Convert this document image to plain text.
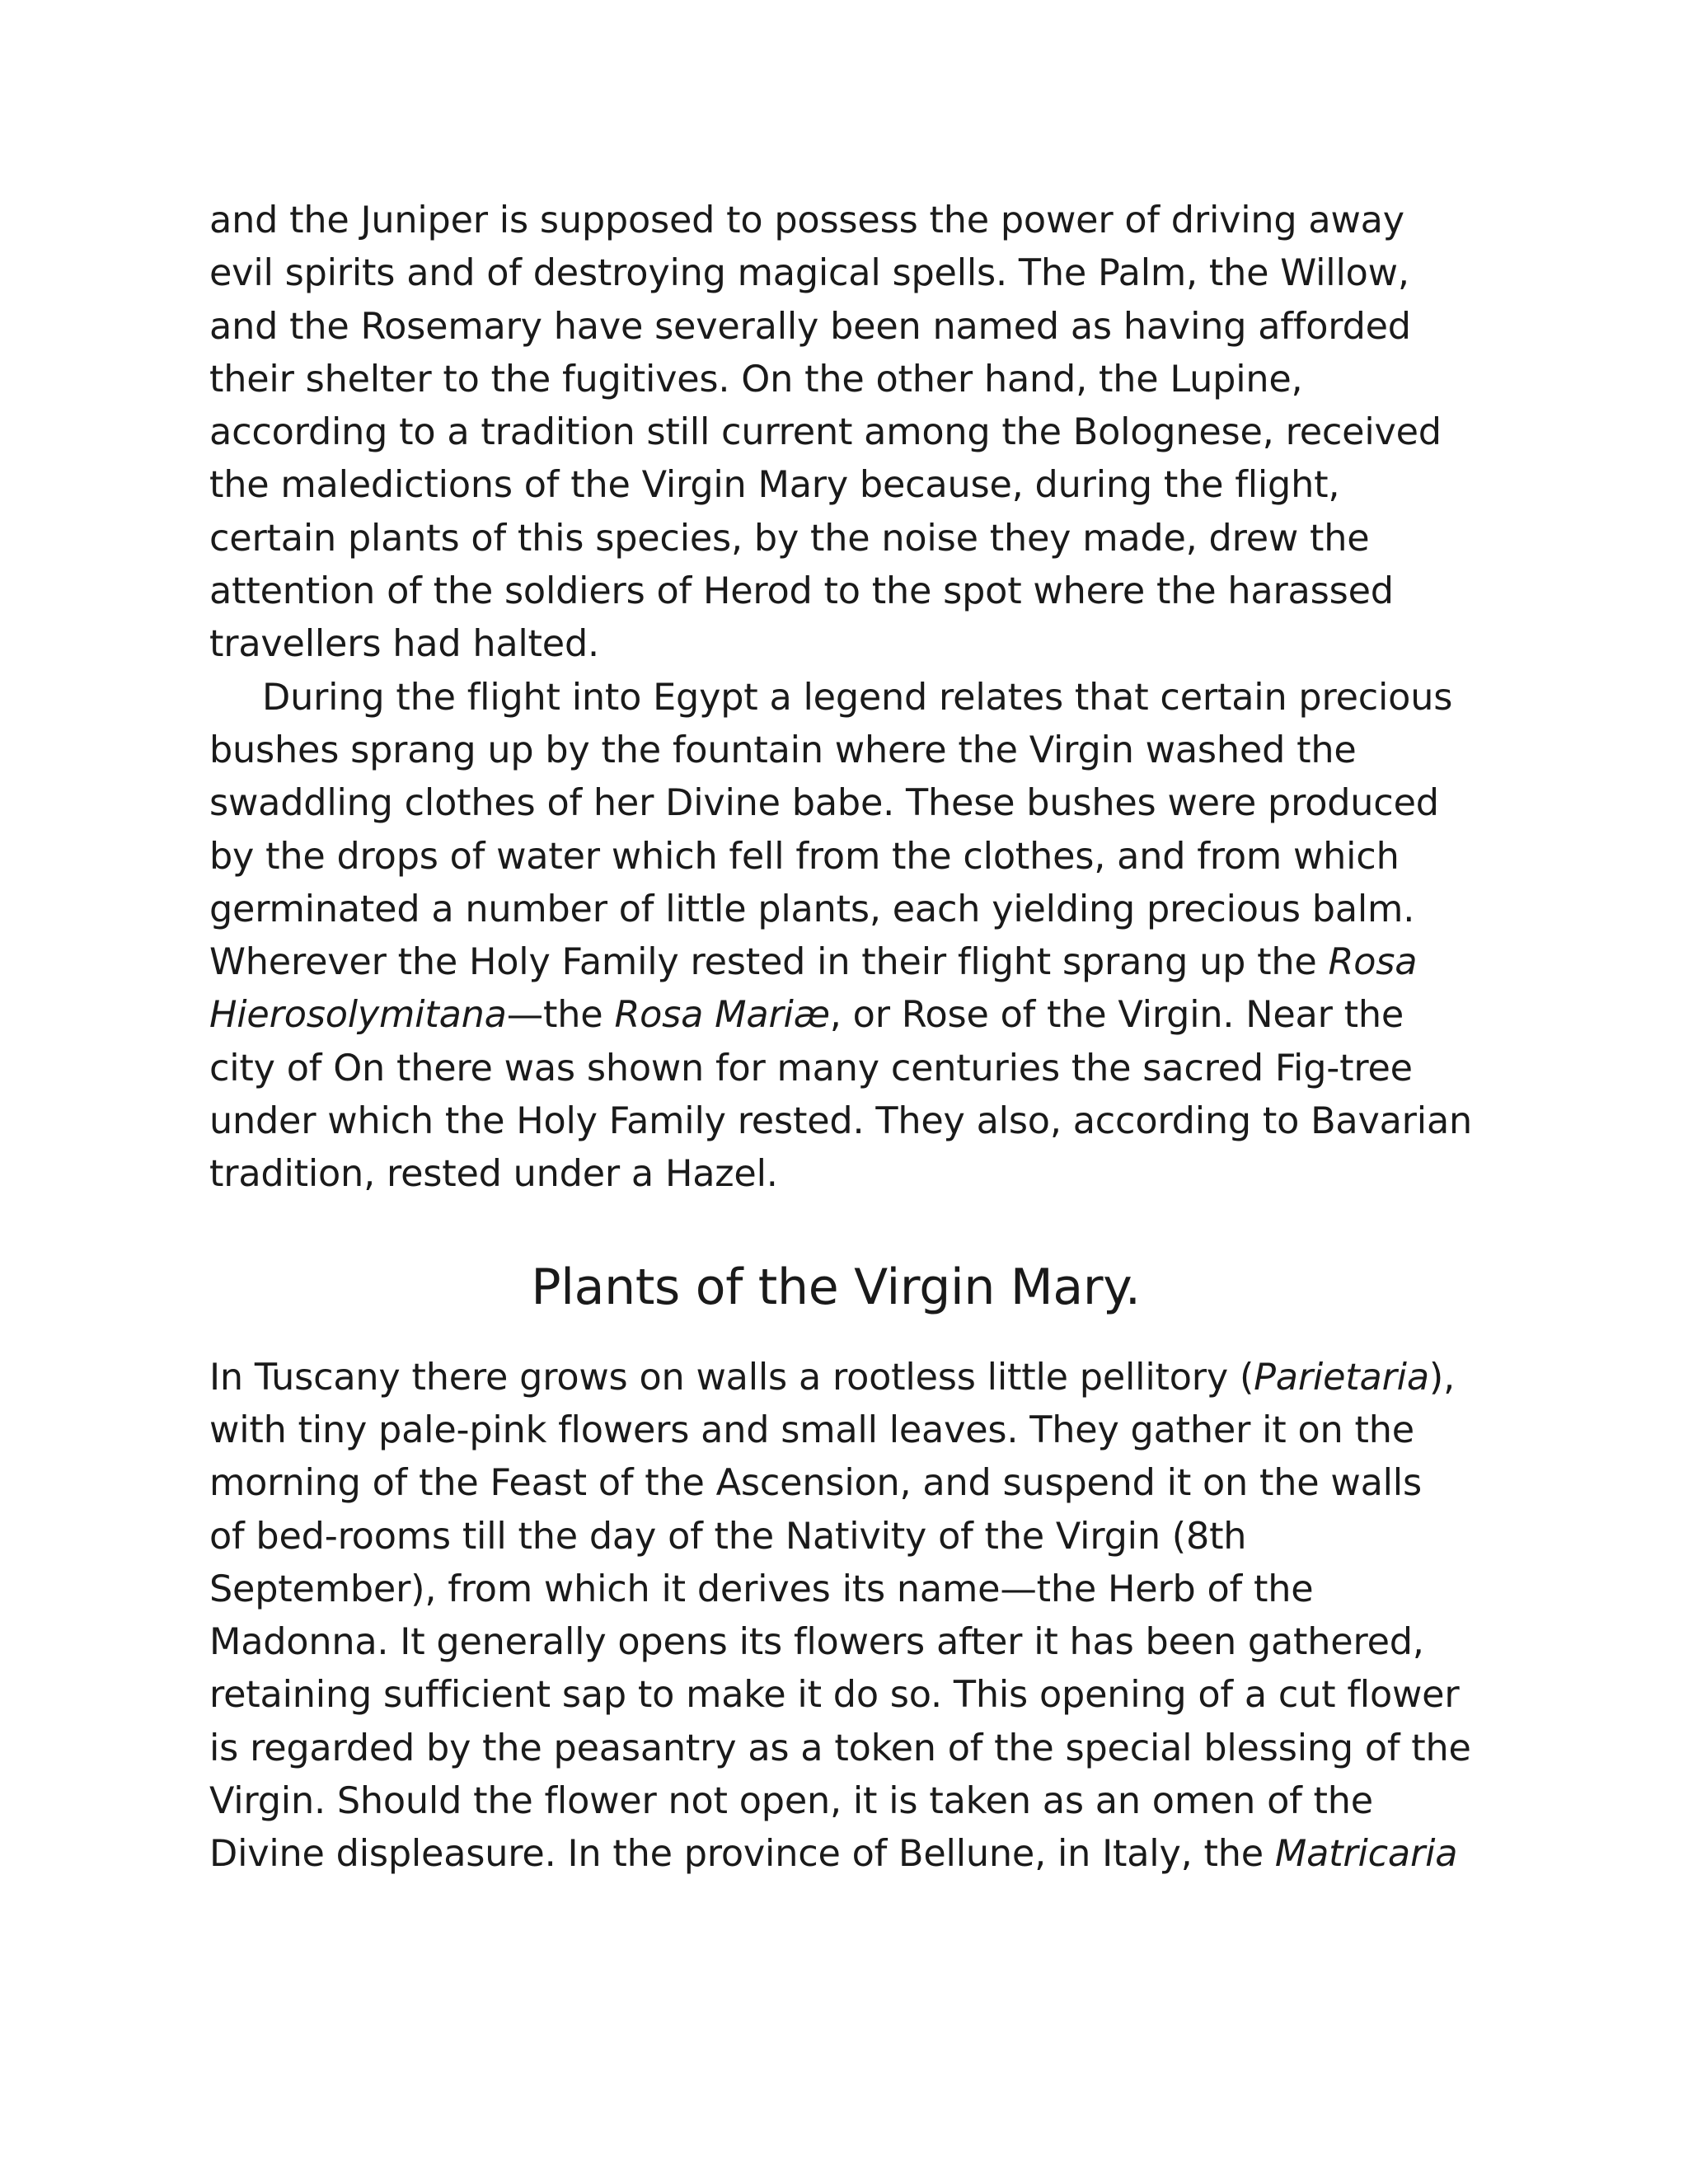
and the Juniper is supposed to possess the power of driving away
evil spirits and of destroying magical spells. The Palm, the Willow,
and the Rosemary have severally been named as having afforded
their shelter to the fugitives. On the other hand, the Lupine,
according to a tradition still current among the Bolognese, received
the maledictions of the Virgin Mary because, during the flight,
certain plants of this species, by the noise they made, drew the
attention of the soldiers of Herod to the spot where the harassed
travellers had halted.

During the flight into Egypt a legend relates that certain precious
bushes sprang up by the fountain where the Virgin washed the
swaddling clothes of her Divine babe. These bushes were produced
by the drops of water which fell from the clothes, and from which
germinated a number of little plants, each yielding precious balm.
Wherever the Holy Family rested in their flight sprang up the Rosa
Hierosolymitana—the Rosa Mariæ, or Rose of the Virgin. Near the
city of On there was shown for many centuries the sacred Fig-tree
under which the Holy Family rested. They also, according to Bavarian
tradition, rested under a Hazel.

Plants of the Virgin Mary.

In Tuscany there grows on walls a rootless little pellitory (Parietaria),
with tiny pale-pink flowers and small leaves. They gather it on the
morning of the Feast of the Ascension, and suspend it on the walls
of bed-rooms till the day of the Nativity of the Virgin (8th
September), from which it derives its name—the Herb of the
Madonna. It generally opens its flowers after it has been gathered,
retaining sufficient sap to make it do so. This opening of a cut flower
is regarded by the peasantry as a token of the special blessing of the
Virgin. Should the flower not open, it is taken as an omen of the
Divine displeasure. In the province of Bellune, in Italy, the Matricaria
